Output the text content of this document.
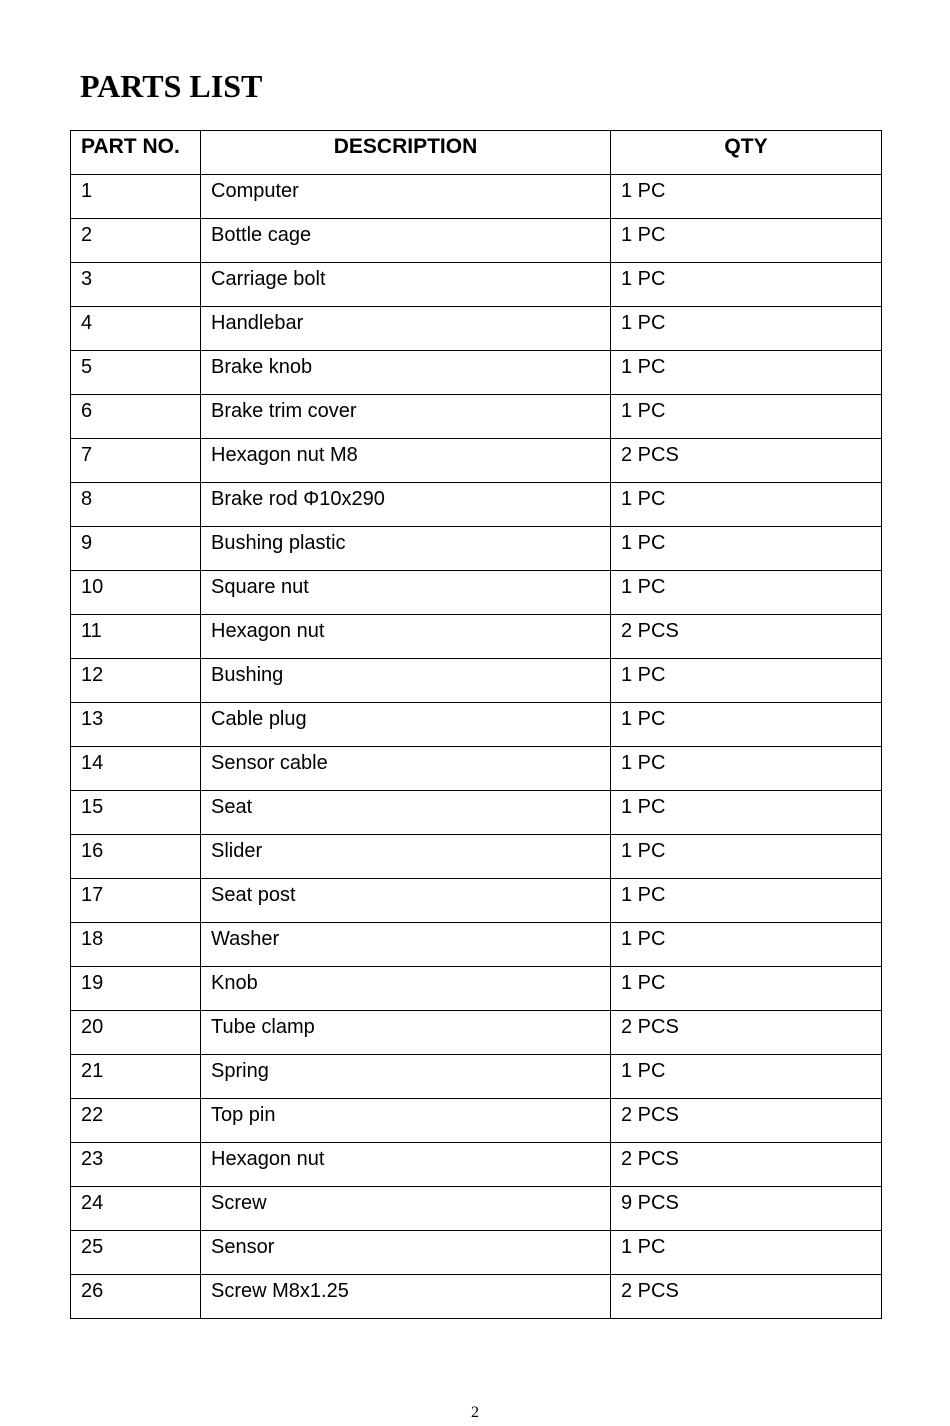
PARTS LIST
PART NO.	DESCRIPTION	QTY
1	Computer	1 PC
2	Bottle cage	1 PC
3	Carriage bolt	1 PC
4	Handlebar	1 PC
5	Brake knob	1 PC
6	Brake trim cover	1 PC
7	Hexagon nut M8	2 PCS
8	Brake rod Φ10x290	1 PC
9	Bushing plastic	1 PC
10	Square nut	1 PC
11	Hexagon nut	2 PCS
12	Bushing	1 PC
13	Cable plug	1 PC
14	Sensor cable	1 PC
15	Seat	1 PC
16	Slider	1 PC
17	Seat post	1 PC
18	Washer	1 PC
19	Knob	1 PC
20	Tube clamp	2 PCS
21	Spring	1 PC
22	Top pin	2 PCS
23	Hexagon nut	2 PCS
24	Screw	9 PCS
25	Sensor	1 PC
26	Screw M8x1.25	2 PCS
2
